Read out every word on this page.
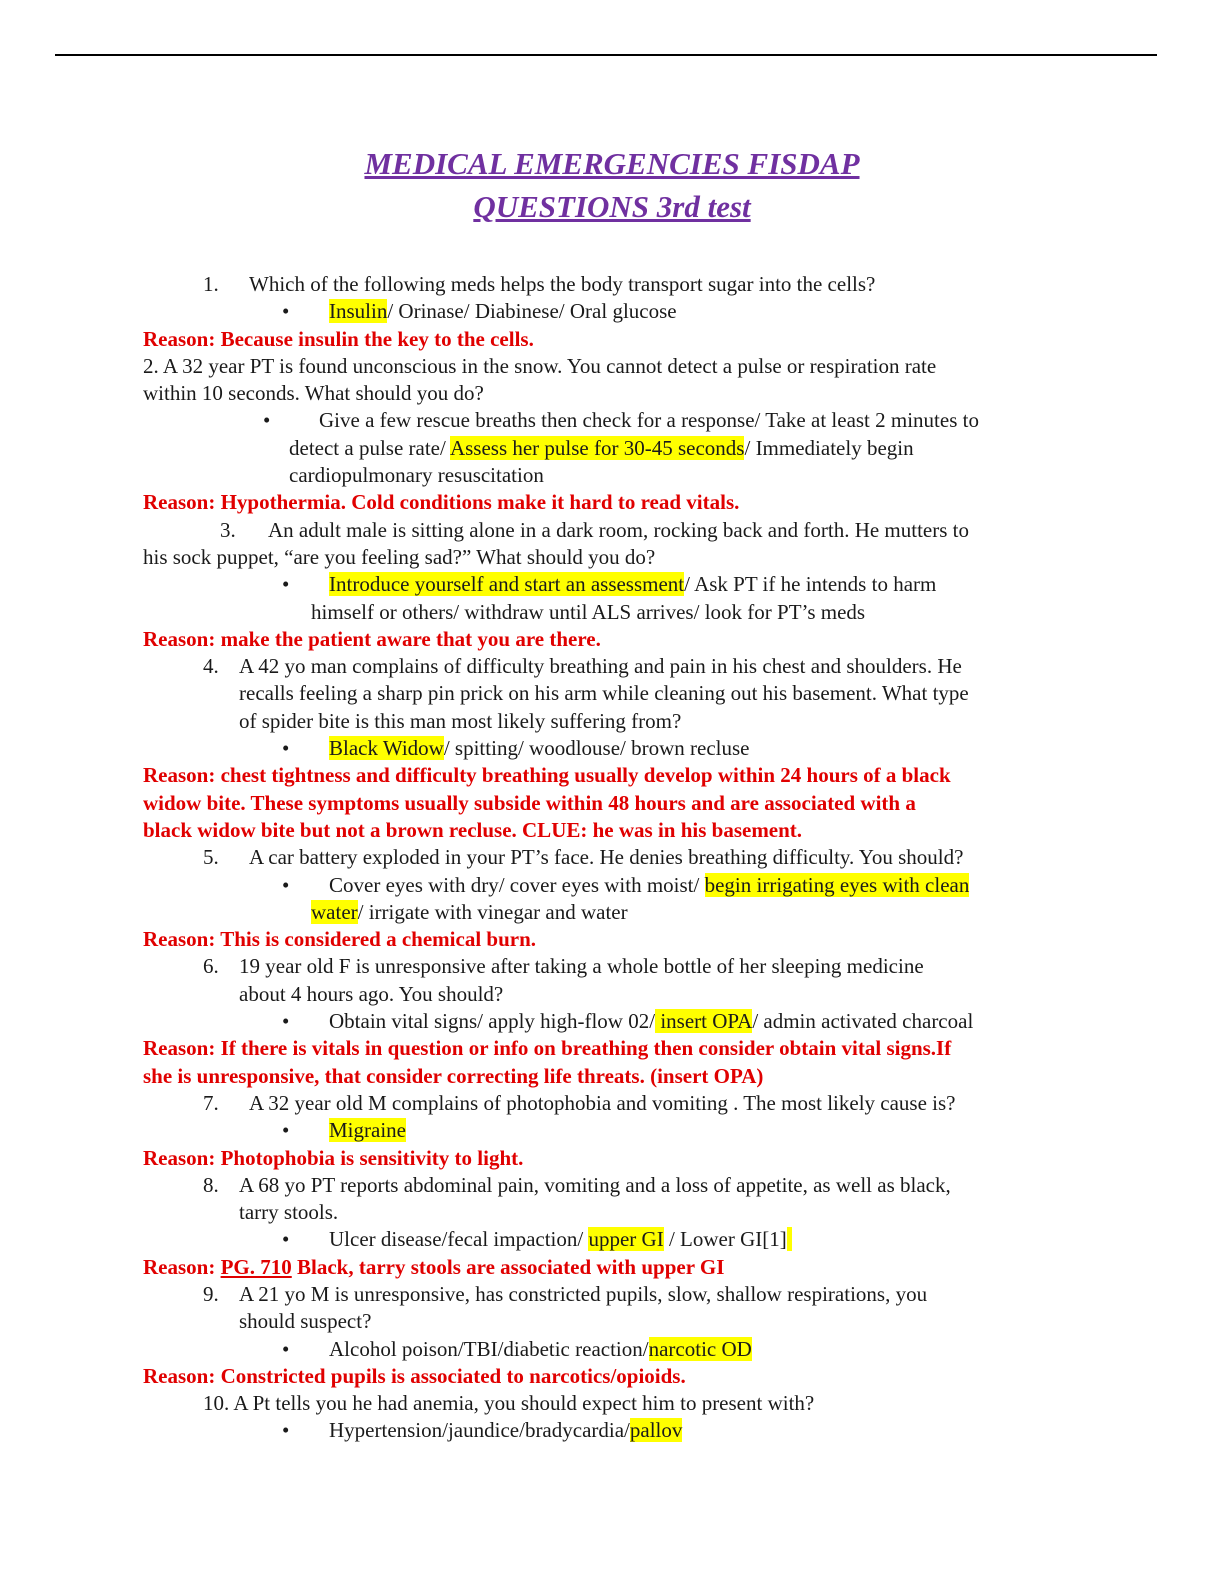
MEDICAL EMERGENCIES FISDAP
QUESTIONS 3rd test
1. Which of the following meds helps the body transport sugar into the cells?
• Insulin/ Orinase/ Diabinese/ Oral glucose
Reason: Because insulin the key to the cells.
2. A 32 year PT is found unconscious in the snow. You cannot detect a pulse or respiration rate
within 10 seconds. What should you do?
• Give a few rescue breaths then check for a response/ Take at least 2 minutes to
detect a pulse rate/ Assess her pulse for 30-45 seconds/ Immediately begin
cardiopulmonary resuscitation
Reason: Hypothermia. Cold conditions make it hard to read vitals.
3. An adult male is sitting alone in a dark room, rocking back and forth. He mutters to
his sock puppet, “are you feeling sad?” What should you do?
• Introduce yourself and start an assessment/ Ask PT if he intends to harm
himself or others/ withdraw until ALS arrives/ look for PT’s meds
Reason: make the patient aware that you are there.
4. A 42 yo man complains of difficulty breathing and pain in his chest and shoulders. He
recalls feeling a sharp pin prick on his arm while cleaning out his basement. What type
of spider bite is this man most likely suffering from?
• Black Widow/ spitting/ woodlouse/ brown recluse
Reason: chest tightness and difficulty breathing usually develop within 24 hours of a black
widow bite. These symptoms usually subside within 48 hours and are associated with a
black widow bite but not a brown recluse. CLUE: he was in his basement.
5. A car battery exploded in your PT’s face. He denies breathing difficulty. You should?
• Cover eyes with dry/ cover eyes with moist/ begin irrigating eyes with clean
water/ irrigate with vinegar and water
Reason: This is considered a chemical burn.
6. 19 year old F is unresponsive after taking a whole bottle of her sleeping medicine
about 4 hours ago. You should?
• Obtain vital signs/ apply high-flow 02/ insert OPA/ admin activated charcoal
Reason: If there is vitals in question or info on breathing then consider obtain vital signs.If
she is unresponsive, that consider correcting life threats. (insert OPA)
7. A 32 year old M complains of photophobia and vomiting . The most likely cause is?
• Migraine
Reason: Photophobia is sensitivity to light.
8. A 68 yo PT reports abdominal pain, vomiting and a loss of appetite, as well as black,
tarry stools.
• Ulcer disease/fecal impaction/ upper GI / Lower GI[1]
Reason: PG. 710 Black, tarry stools are associated with upper GI
9. A 21 yo M is unresponsive, has constricted pupils, slow, shallow respirations, you
should suspect?
• Alcohol poison/TBI/diabetic reaction/narcotic OD
Reason: Constricted pupils is associated to narcotics/opioids.
10. A Pt tells you he had anemia, you should expect him to present with?
• Hypertension/jaundice/bradycardia/pallov
